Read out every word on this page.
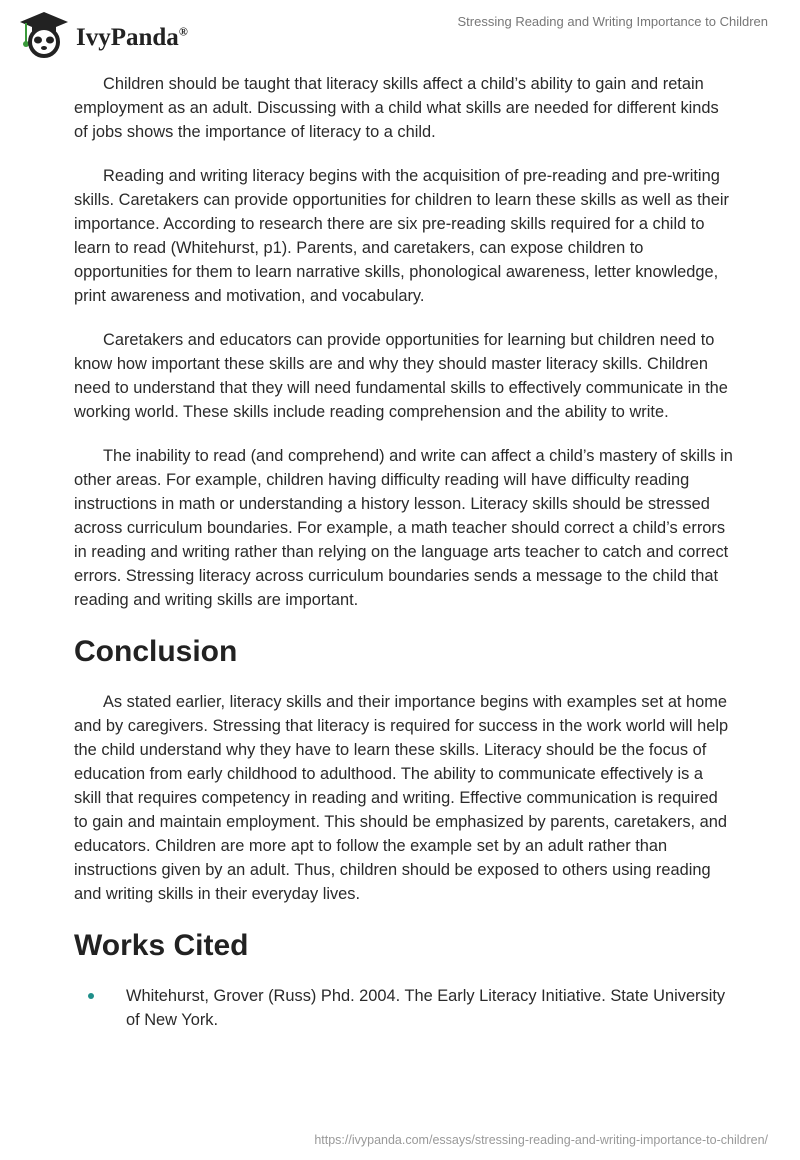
IvyPanda®
Stressing Reading and Writing Importance to Children

Children should be taught that literacy skills affect a child’s ability to gain and retain employment as an adult. Discussing with a child what skills are needed for different kinds of jobs shows the importance of literacy to a child.

Reading and writing literacy begins with the acquisition of pre-reading and pre-writing skills. Caretakers can provide opportunities for children to learn these skills as well as their importance. According to research there are six pre-reading skills required for a child to learn to read (Whitehurst, p1). Parents, and caretakers, can expose children to opportunities for them to learn narrative skills, phonological awareness, letter knowledge, print awareness and motivation, and vocabulary.

Caretakers and educators can provide opportunities for learning but children need to know how important these skills are and why they should master literacy skills. Children need to understand that they will need fundamental skills to effectively communicate in the working world. These skills include reading comprehension and the ability to write.

The inability to read (and comprehend) and write can affect a child’s mastery of skills in other areas. For example, children having difficulty reading will have difficulty reading instructions in math or understanding a history lesson. Literacy skills should be stressed across curriculum boundaries. For example, a math teacher should correct a child’s errors in reading and writing rather than relying on the language arts teacher to catch and correct errors. Stressing literacy across curriculum boundaries sends a message to the child that reading and writing skills are important.

Conclusion

As stated earlier, literacy skills and their importance begins with examples set at home and by caregivers. Stressing that literacy is required for success in the work world will help the child understand why they have to learn these skills. Literacy should be the focus of education from early childhood to adulthood. The ability to communicate effectively is a skill that requires competency in reading and writing. Effective communication is required to gain and maintain employment. This should be emphasized by parents, caretakers, and educators. Children are more apt to follow the example set by an adult rather than instructions given by an adult. Thus, children should be exposed to others using reading and writing skills in their everyday lives.

Works Cited
Whitehurst, Grover (Russ) Phd. 2004. The Early Literacy Initiative. State University of New York.
https://ivypanda.com/essays/stressing-reading-and-writing-importance-to-children/
